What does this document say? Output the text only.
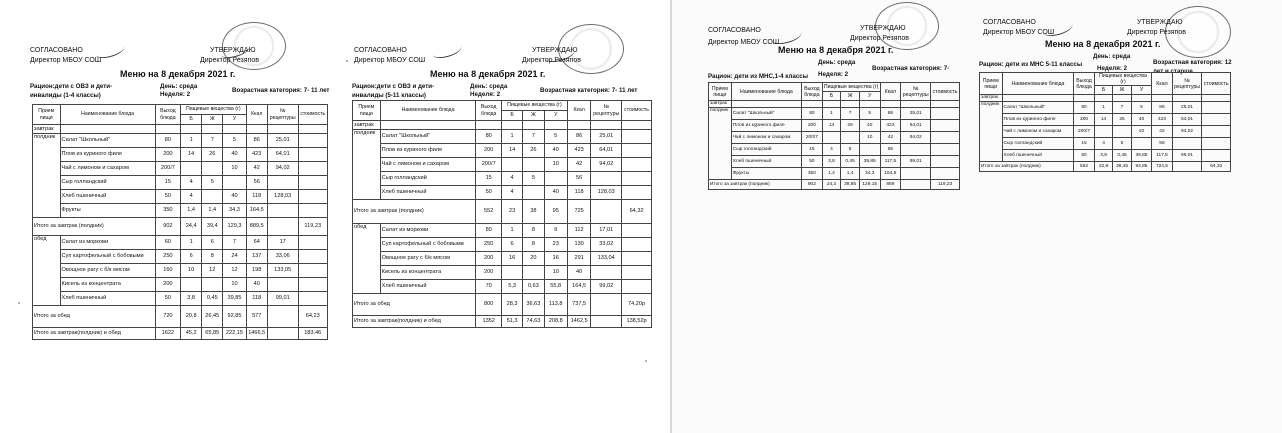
СОГЛАСОВАНО
Директор МБОУ СОШ
УТВЕРЖДАЮ
Директор Резяпов
Меню на 8 декабря 2021 г.
Рацион:дети с ОВЗ и дети-инвалиды (1-4 классы)
День: среда
Неделя: 2
Возрастная категория: 7- 11 лет
Прием пищи	Наименование блюда	Выход блюда	Пищевые вещества (г)			Ккал	№ рецептуры	стоимость
			Б	Ж	У			
завтрак								
полдник	Салат "Школьный"	80	1	7	5	86	25,01	
	Плов из куриного филе	200	14	26	40	423	64,01	
	Чай с лимоном и сахаром	200/7			10	42	94,02	
	Сыр голландский	15	4	5		56		
	Хлеб пшеничный	50	4		40	118	128,03	
	Фрукты	350	1,4	1,4	34,3	164,5		
Итого за завтрак (полдник)		902	24,4	39,4	129,3	889,5		119,23
обед	Салат из моркови	60	1	6	7	64	17	
	Суп картофельный с бобовыми	250	6	8	24	137	33,06	
	Овощное рагу с б/к мясом	160	10	12	12	198	133,05	
	Кисель из концентрата	200			10	40		
	Хлеб пшеничный	50	3,8	0,45	39,85	118	99,01	
Итого за обед		720	20,8	26,45	92,85	577		64,23
Итого за завтрак(полдник) и обед		1622	45,2	65,85	222,15	1466,5		183,46
СОГЛАСОВАНО
Директор МБОУ СОШ
УТВЕРЖДАЮ
Директор Резяпов
Меню на 8 декабря 2021 г.
Рацион:дети с ОВЗ и дети-инвалиды (5-11 классы)
День: среда
Неделя: 2
Возрастная категория: 7- 11 лет
Прием пищи	Наименование блюда	Выход блюда	Пищевые вещества (г)			Ккал	№ рецептуры	стоимость
			Б	Ж	У			
завтрак								
полдник	Салат "Школьный"	80	1	7	5	86	25,01	
	Плов из куриного филе	200	14	26	40	423	64,01	
	Чай с лимоном и сахаром	200/7			10	42	94,02	
	Сыр голландский	15	4	5		56		
	Хлеб пшеничный	50	4		40	118	128,03	
Итого за завтрак (полдник)		552	23	38	95	725		64,32
обед	Салат из моркови	80	1	8	9	112	17,01	
	Суп картофельный с бобовыми	250	6	8	23	130	33,02	
	Овощное рагу с б/к мясом	200	16	20	16	291	133,04	
	Кисель из концентрата	200			10	40		
	Хлеб пшеничный	70	5,3	0,63	55,8	164,5	99,02	
Итого за обед		800	28,3	36,63	113,8	737,5		74,20р
Итого за завтрак(полдник) и обед		1352	51,3	74,63	208,8	1462,5		138,52р
СОГЛАСОВАНО
Директор МБОУ СОШ
УТВЕРЖДАЮ
Директор Резяпов
Меню на 8 декабря 2021 г.
Рацион: дети из МНС,1-4 классы
День: среда
Неделя: 2
Возрастная категория: 7-
Прием пищи	Наименование блюда	Выход блюда	Пищевые вещества (г)			Ккал	№ рецептуры	стоимость
			Б	Ж	У			
завтрак								
полдник	Салат "Школьный"	80	1	7	5	86	25,01	
	Плов из куриного филе	200	14	26	40	423	64,01	
	Чай с лимоном и сахаром	200/7			10	42	94,02	
	Сыр голландский	15	4	5		56		
	Хлеб пшеничный	50	3,8	0,45	39,85	117,5	99,01	
	Фрукты	350	1,4	1,4	34,3	164,5		
Итого за завтрак (полдник)		902	24,2	39,85	129,15	889		119,23
СОГЛАСОВАНО
Директор МБОУ СОШ
УТВЕРЖДАЮ
Директор Резяпов
Меню на 8 декабря 2021 г.
Рацион: дети из МНС 5-11 классы
День: среда
Неделя: 2
Возрастная категория: 12 лет и старше
Прием пищи	Наименование блюда	Выход блюда	Пищевые вещества (г)			Ккал	№ рецептуры	стоимость
			Б	Ж	У			
завтрак								
полдник	Салат "Школьный"	80	1	7	5	86	25,01	
	Плов из куриного филе	200	14	26	40	423	64,01	
	Чай с лимоном и сахаром	200/7			10	42	94,02	
	Сыр голландский	15	4	5		56		
	Хлеб пшеничный	50	3,8	0,45	39,85	117,5	99,01	
Итого за завтрак (полдник)		552	22,8	38,45	94,85	724,5		64,32
